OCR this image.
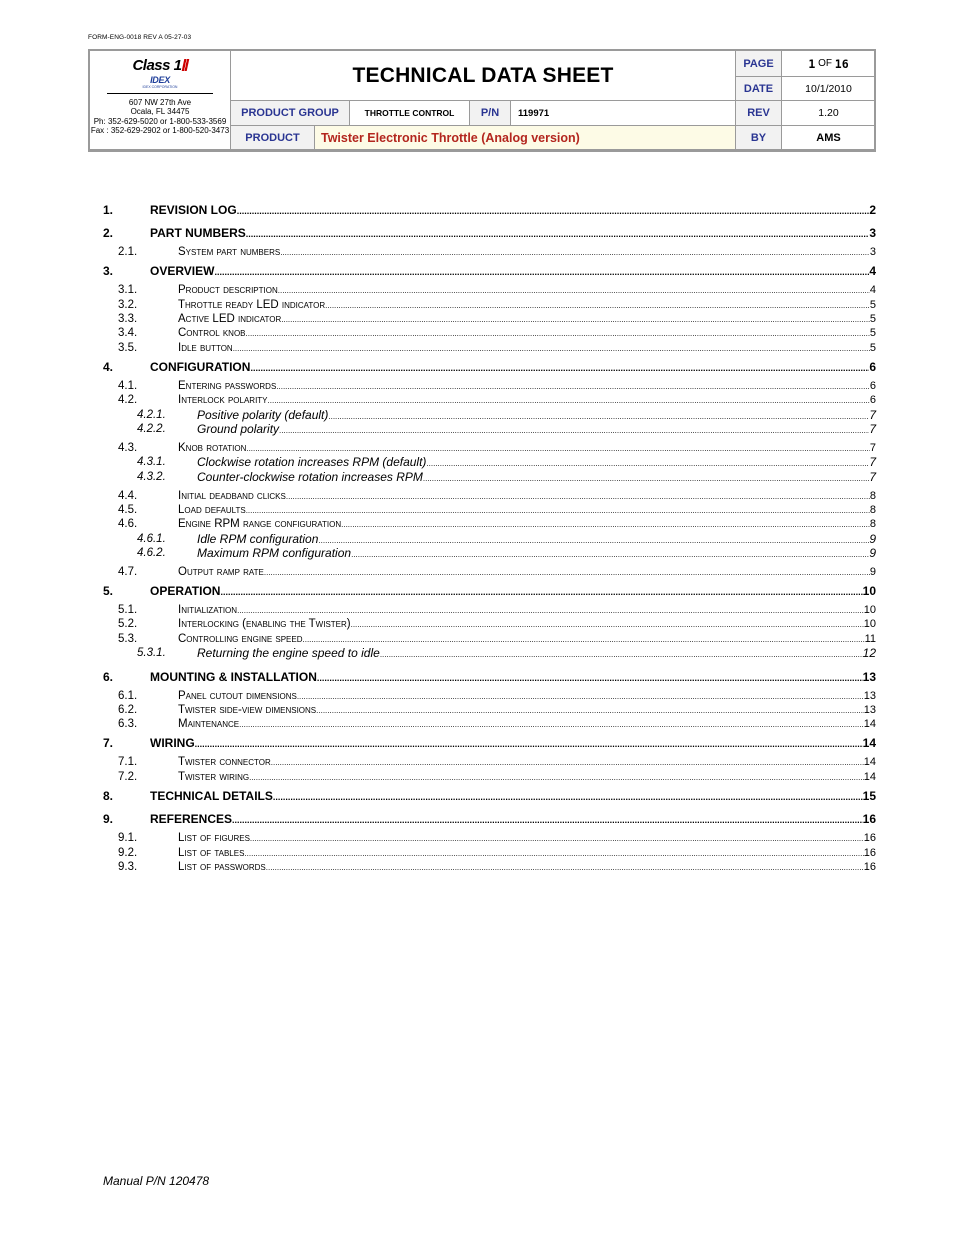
FORM-ENG-0018 REV A 05-27-03
Class 1
IDEX
IDEX CORPORATION
607 NW 27th Ave
Ocala, FL 34475
Ph: 352-629-5020 or 1-800-533-3569
Fax : 352-629-2902 or 1-800-520-3473
TECHNICAL DATA SHEET	PAGE	1
OF
16
DATE	10/1/2010
PRODUCT GROUP	THROTTLE CONTROL	P/N	119971	REV	1.20
PRODUCT	Twister Electronic Throttle (Analog version)	BY	AMS
1.	REVISION LOG .....	2
2.	PART NUMBERS .....	3
2.1.	System part numbers .....	3
3.	OVERVIEW .....	4
3.1.	Product description .....	4
3.2.	Throttle ready LED indicator .....	5
3.3.	Active LED indicator .....	5
3.4.	Control knob .....	5
3.5.	Idle button .....	5
4.	CONFIGURATION .....	6
4.1.	Entering passwords .....	6
4.2.	Interlock polarity .....	6
4.2.1.	Positive polarity (default) .....	7
4.2.2.	Ground polarity .....	7
4.3.	Knob rotation .....	7
4.3.1.	Clockwise rotation increases RPM (default) .....	7
4.3.2.	Counter-clockwise rotation increases RPM .....	7
4.4.	Initial deadband clicks .....	8
4.5.	Load defaults .....	8
4.6.	Engine RPM range configuration .....	8
4.6.1.	Idle RPM configuration .....	9
4.6.2.	Maximum RPM configuration .....	9
4.7.	Output ramp rate .....	9
5.	OPERATION .....	10
5.1.	Initialization .....	10
5.2.	Interlocking (enabling the Twister) .....	10
5.3.	Controlling engine speed .....	11
5.3.1.	Returning the engine speed to idle .....	12
6.	MOUNTING & INSTALLATION .....	13
6.1.	Panel cutout dimensions .....	13
6.2.	Twister side-view dimensions .....	13
6.3.	Maintenance .....	14
7.	WIRING .....	14
7.1.	Twister connector .....	14
7.2.	Twister wiring .....	14
8.	TECHNICAL DETAILS .....	15
9.	REFERENCES .....	16
9.1.	List of figures .....	16
9.2.	List of tables .....	16
9.3.	List of passwords .....	16
Manual P/N 120478
